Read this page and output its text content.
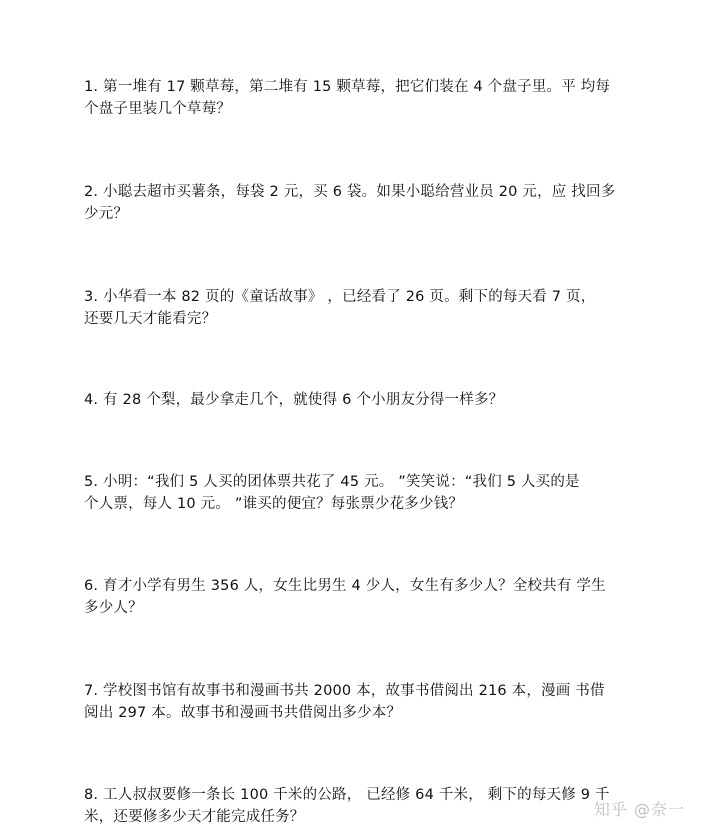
1. 第一堆有 17 颗草莓，第二堆有 15 颗草莓，把它们装在 4 个盘子里。平 均每
个盘子里装几个草莓？
2. 小聪去超市买薯条，每袋 2 元，买 6 袋。如果小聪给营业员 20 元，应 找回多
少元？
3. 小华看一本 82 页的《童话故事》 ，已经看了 26 页。剩下的每天看 7 页，
还要几天才能看完？
4. 有 28 个梨，最少拿走几个，就使得 6 个小朋友分得一样多？
5. 小明：“我们 5 人买的团体票共花了 45 元。 ”笑笑说：“我们 5 人买的是
个人票，每人 10 元。 ”谁买的便宜？每张票少花多少钱？
6. 育才小学有男生 356 人，女生比男生 4 少人，女生有多少人？全校共有 学生
多少人？
7. 学校图书馆有故事书和漫画书共 2000 本，故事书借阅出 216 本，漫画 书借
阅出 297 本。故事书和漫画书共借阅出多少本？
8. 工人叔叔要修一条长 100 千米的公路， 已经修 64 千米， 剩下的每天修 9 千
米，还要修多少天才能完成任务？	知乎 @奈一
